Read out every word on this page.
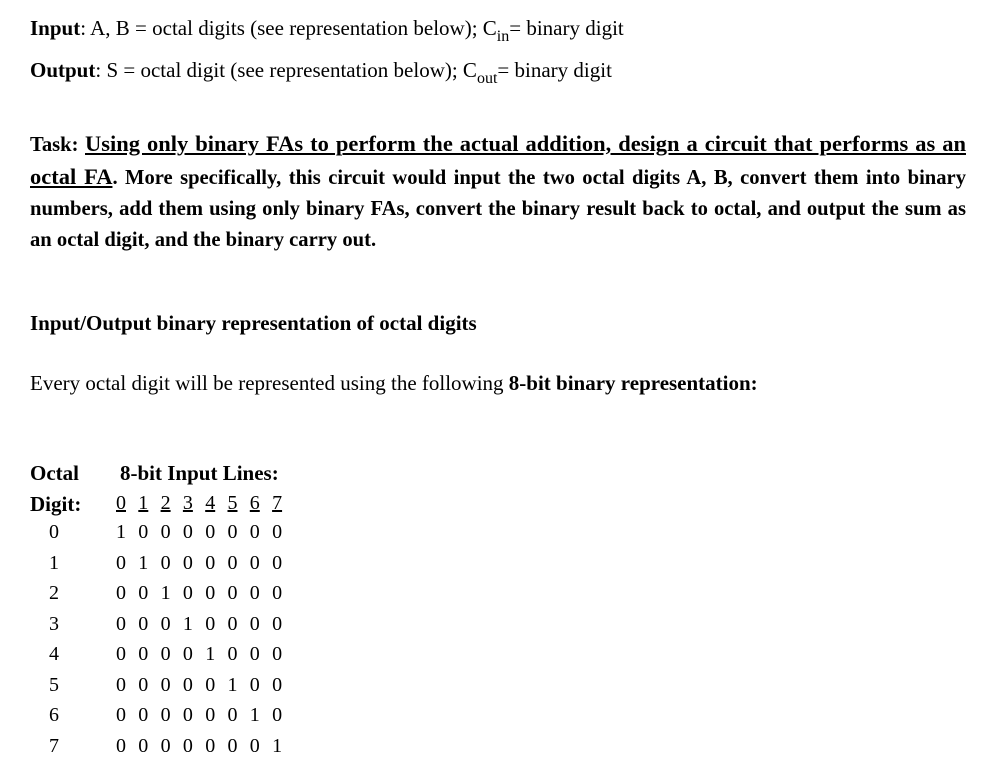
Input: A, B = octal digits (see representation below); $C_{in}=$ binary digit
Output: S = octal digit (see representation below); $C_{out}=$ binary digit
Task: Using only binary FAs to perform the actual addition, design a circuit that performs as an octal FA. More specifically, this circuit would input the two octal digits A, B, convert them into binary numbers, add them using only binary FAs, convert the binary result back to octal, and output the sum as an octal digit, and the binary carry out.
Input/Output binary representation of octal digits
Every octal digit will be represented using the following 8-bit binary representation:
Octal
Digit:
8-bit Input Lines:
0 1 2 3 4 5 6 7
0	1 0 0 0 0 0 0 0
1	0 1 0 0 0 0 0 0
2	0 0 1 0 0 0 0 0
3	0 0 0 1 0 0 0 0
4	0 0 0 0 1 0 0 0
5	0 0 0 0 0 1 0 0
6	0 0 0 0 0 0 1 0
7	0 0 0 0 0 0 0 1
